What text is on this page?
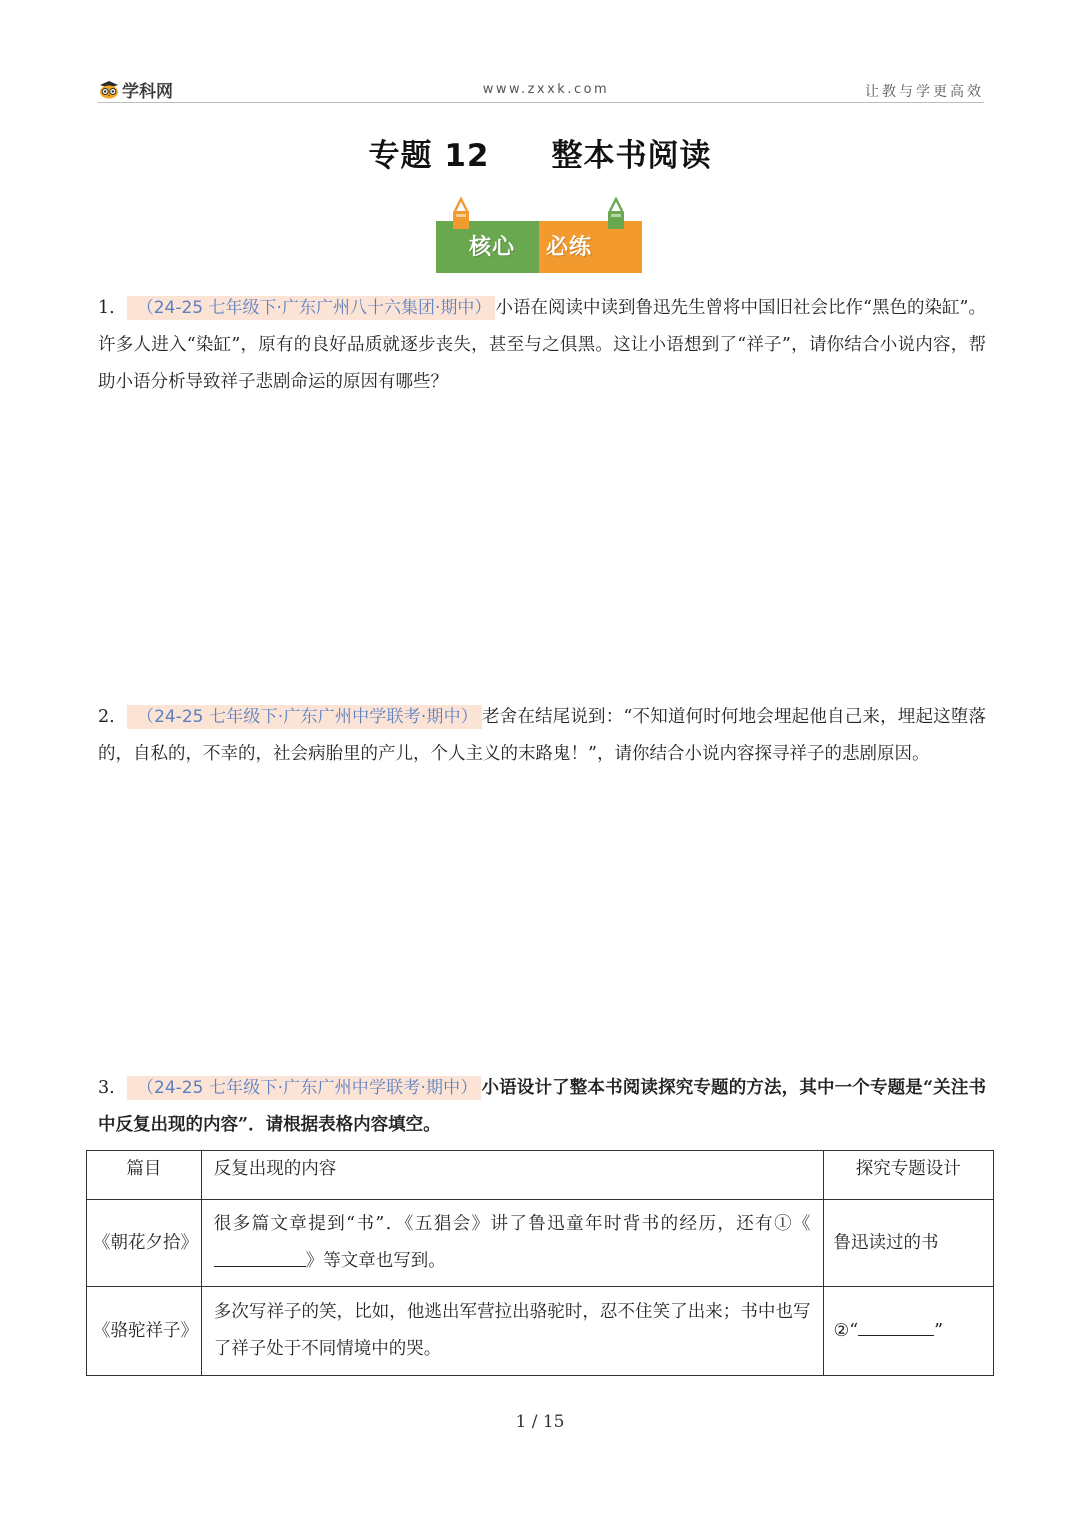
学科网	www.zxxk.com	让教与学更高效
专题 12 整本书阅读
核心 必练
1. （24-25 七年级下·广东广州八十六集团·期中） 小语在阅读中读到鲁迅先生曾将中国旧社会比作“黑色的染缸”。许多人进入“染缸”，原有的良好品质就逐步丧失，甚至与之俱黑。这让小语想到了“祥子”，请你结合小说内容，帮助小语分析导致祥子悲剧命运的原因有哪些？
2. （24-25 七年级下·广东广州中学联考·期中） 老舍在结尾说到：“不知道何时何地会埋起他自己来，埋起这堕落的，自私的，不幸的，社会病胎里的产儿，个人主义的末路鬼！”，请你结合小说内容探寻祥子的悲剧原因。
3. （24-25 七年级下·广东广州中学联考·期中） 小语设计了整本书阅读探究专题的方法，其中一个专题是“关注书中反复出现的内容”．请根据表格内容填空。
篇目	反复出现的内容	探究专题设计
《朝花夕拾》	很多篇文章提到“书”．《五猖会》讲了鲁迅童年时背书的经历，还有①《》等文章也写到。	鲁迅读过的书
《骆驼祥子》	多次写祥子的笑，比如，他逃出军营拉出骆驼时，忍不住笑了出来；书中也写了祥子处于不同情境中的哭。	②“ ”
1 / 15
